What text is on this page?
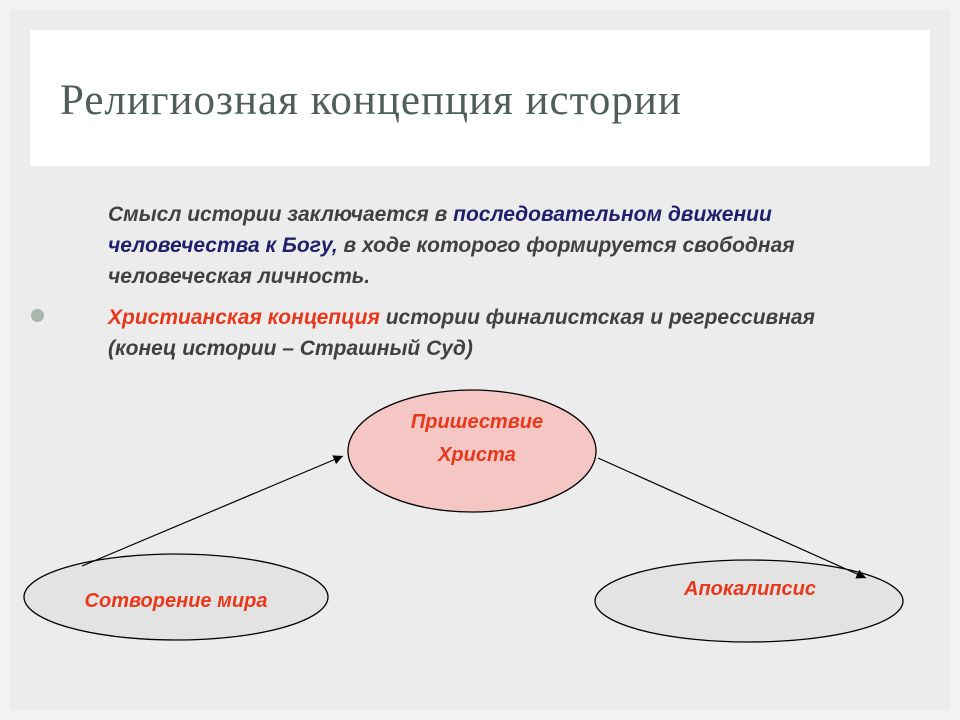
Религиозная концепция истории
Смысл истории заключается в последовательном движении человечества к Богу, в ходе которого формируется свободная человеческая личность.
Христианская концепция истории финалистская и регрессивная (конец истории – Страшный Суд)
Пришествие
Христа
Сотворение мира
Апокалипсис
